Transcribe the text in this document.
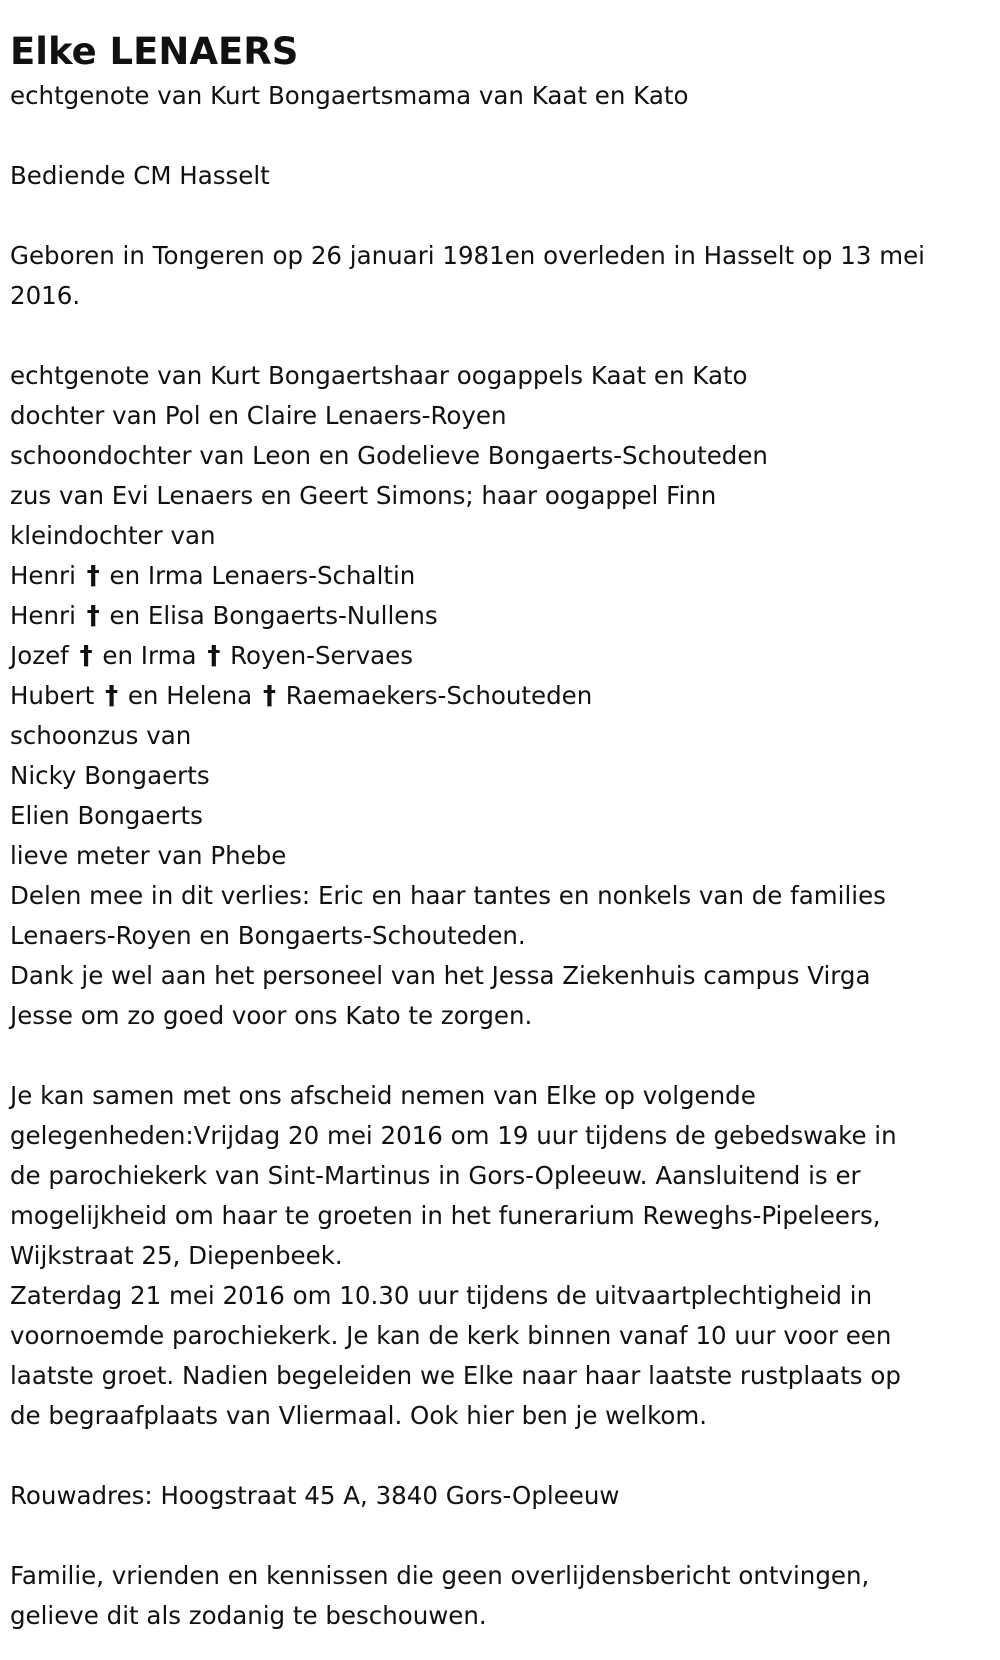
Elke LENAERS
echtgenote van Kurt Bongaertsmama van Kaat en Kato
Bediende CM Hasselt
Geboren in Tongeren op 26 januari 1981en overleden in Hasselt op 13 mei
2016.
echtgenote van Kurt Bongaertshaar oogappels Kaat en Kato
dochter van Pol en Claire Lenaers-Royen
schoondochter van Leon en Godelieve Bongaerts-Schouteden
zus van Evi Lenaers en Geert Simons; haar oogappel Finn
kleindochter van
Henri † en Irma Lenaers-Schaltin
Henri † en Elisa Bongaerts-Nullens
Jozef † en Irma † Royen-Servaes
Hubert † en Helena † Raemaekers-Schouteden
schoonzus van
Nicky Bongaerts
Elien Bongaerts
lieve meter van Phebe
Delen mee in dit verlies: Eric en haar tantes en nonkels van de families
Lenaers-Royen en Bongaerts-Schouteden.
Dank je wel aan het personeel van het Jessa Ziekenhuis campus Virga
Jesse om zo goed voor ons Kato te zorgen.
Je kan samen met ons afscheid nemen van Elke op volgende
gelegenheden:Vrijdag 20 mei 2016 om 19 uur tijdens de gebedswake in
de parochiekerk van Sint-Martinus in Gors-Opleeuw. Aansluitend is er
mogelijkheid om haar te groeten in het funerarium Reweghs-Pipeleers,
Wijkstraat 25, Diepenbeek.
Zaterdag 21 mei 2016 om 10.30 uur tijdens de uitvaartplechtigheid in
voornoemde parochiekerk. Je kan de kerk binnen vanaf 10 uur voor een
laatste groet. Nadien begeleiden we Elke naar haar laatste rustplaats op
de begraafplaats van Vliermaal. Ook hier ben je welkom.
Rouwadres: Hoogstraat 45 A, 3840 Gors-Opleeuw
Familie, vrienden en kennissen die geen overlijdensbericht ontvingen,
gelieve dit als zodanig te beschouwen.
